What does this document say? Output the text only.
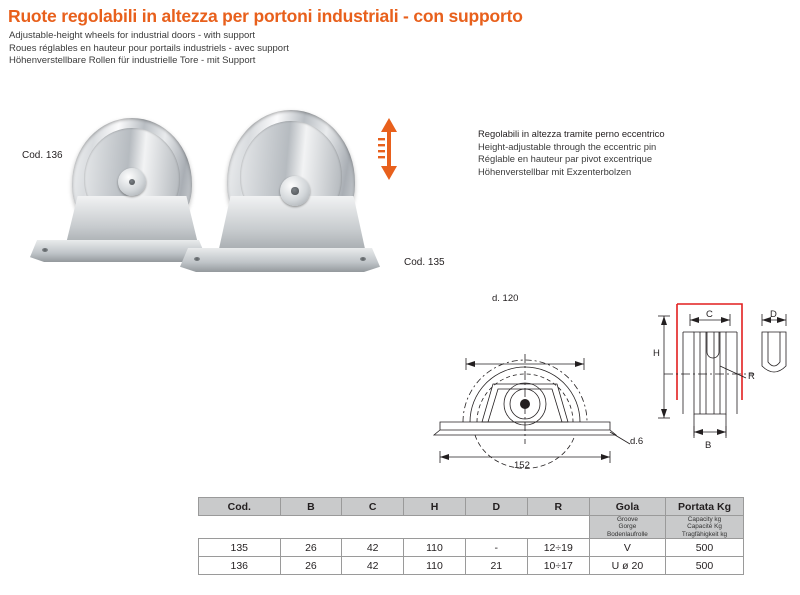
Ruote regolabili in altezza per portoni industriali - con supporto
Adjustable-height wheels for industrial doors - with support
Roues réglables en hauteur pour portails industriels - avec support
Höhenverstellbare Rollen für industrielle Tore - mit Support
Cod. 136
Cod. 135
Regolabili in altezza tramite perno eccentrico
Height-adjustable through the eccentric pin
Réglable en hauteur par pivot excentrique
Höhenverstellbar mit Exzenterbolzen
d. 120
152
d.6
C
H
R
B
D
Cod.	B	C	H	D	R	Gola	Portata Kg

						Groove
Gorge
Bodenlaufrolle	Capacity kg
Capacité Kg
Tragfähigkeit kg

135	26	42	110	-	12÷19	V	500
136	26	42	110	21	10÷17	U ø 20	500
